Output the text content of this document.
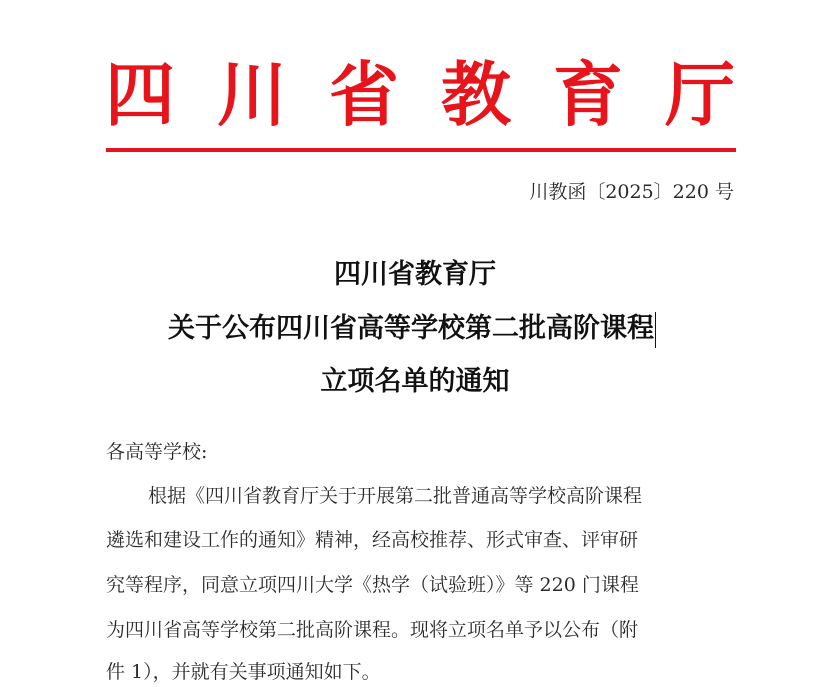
四 川 省 教 育 厅
川教函〔2025〕220 号
四川省教育厅
关于公布四川省高等学校第二批高阶课程
立项名单的通知
各高等学校:
根据《四川省教育厅关于开展第二批普通高等学校高阶课程
遴选和建设工作的通知》精神，经高校推荐、形式审查、评审研
究等程序，同意立项四川大学《热学（试验班）》等 220 门课程
为四川省高等学校第二批高阶课程。现将立项名单予以公布（附
件 1），并就有关事项通知如下。
